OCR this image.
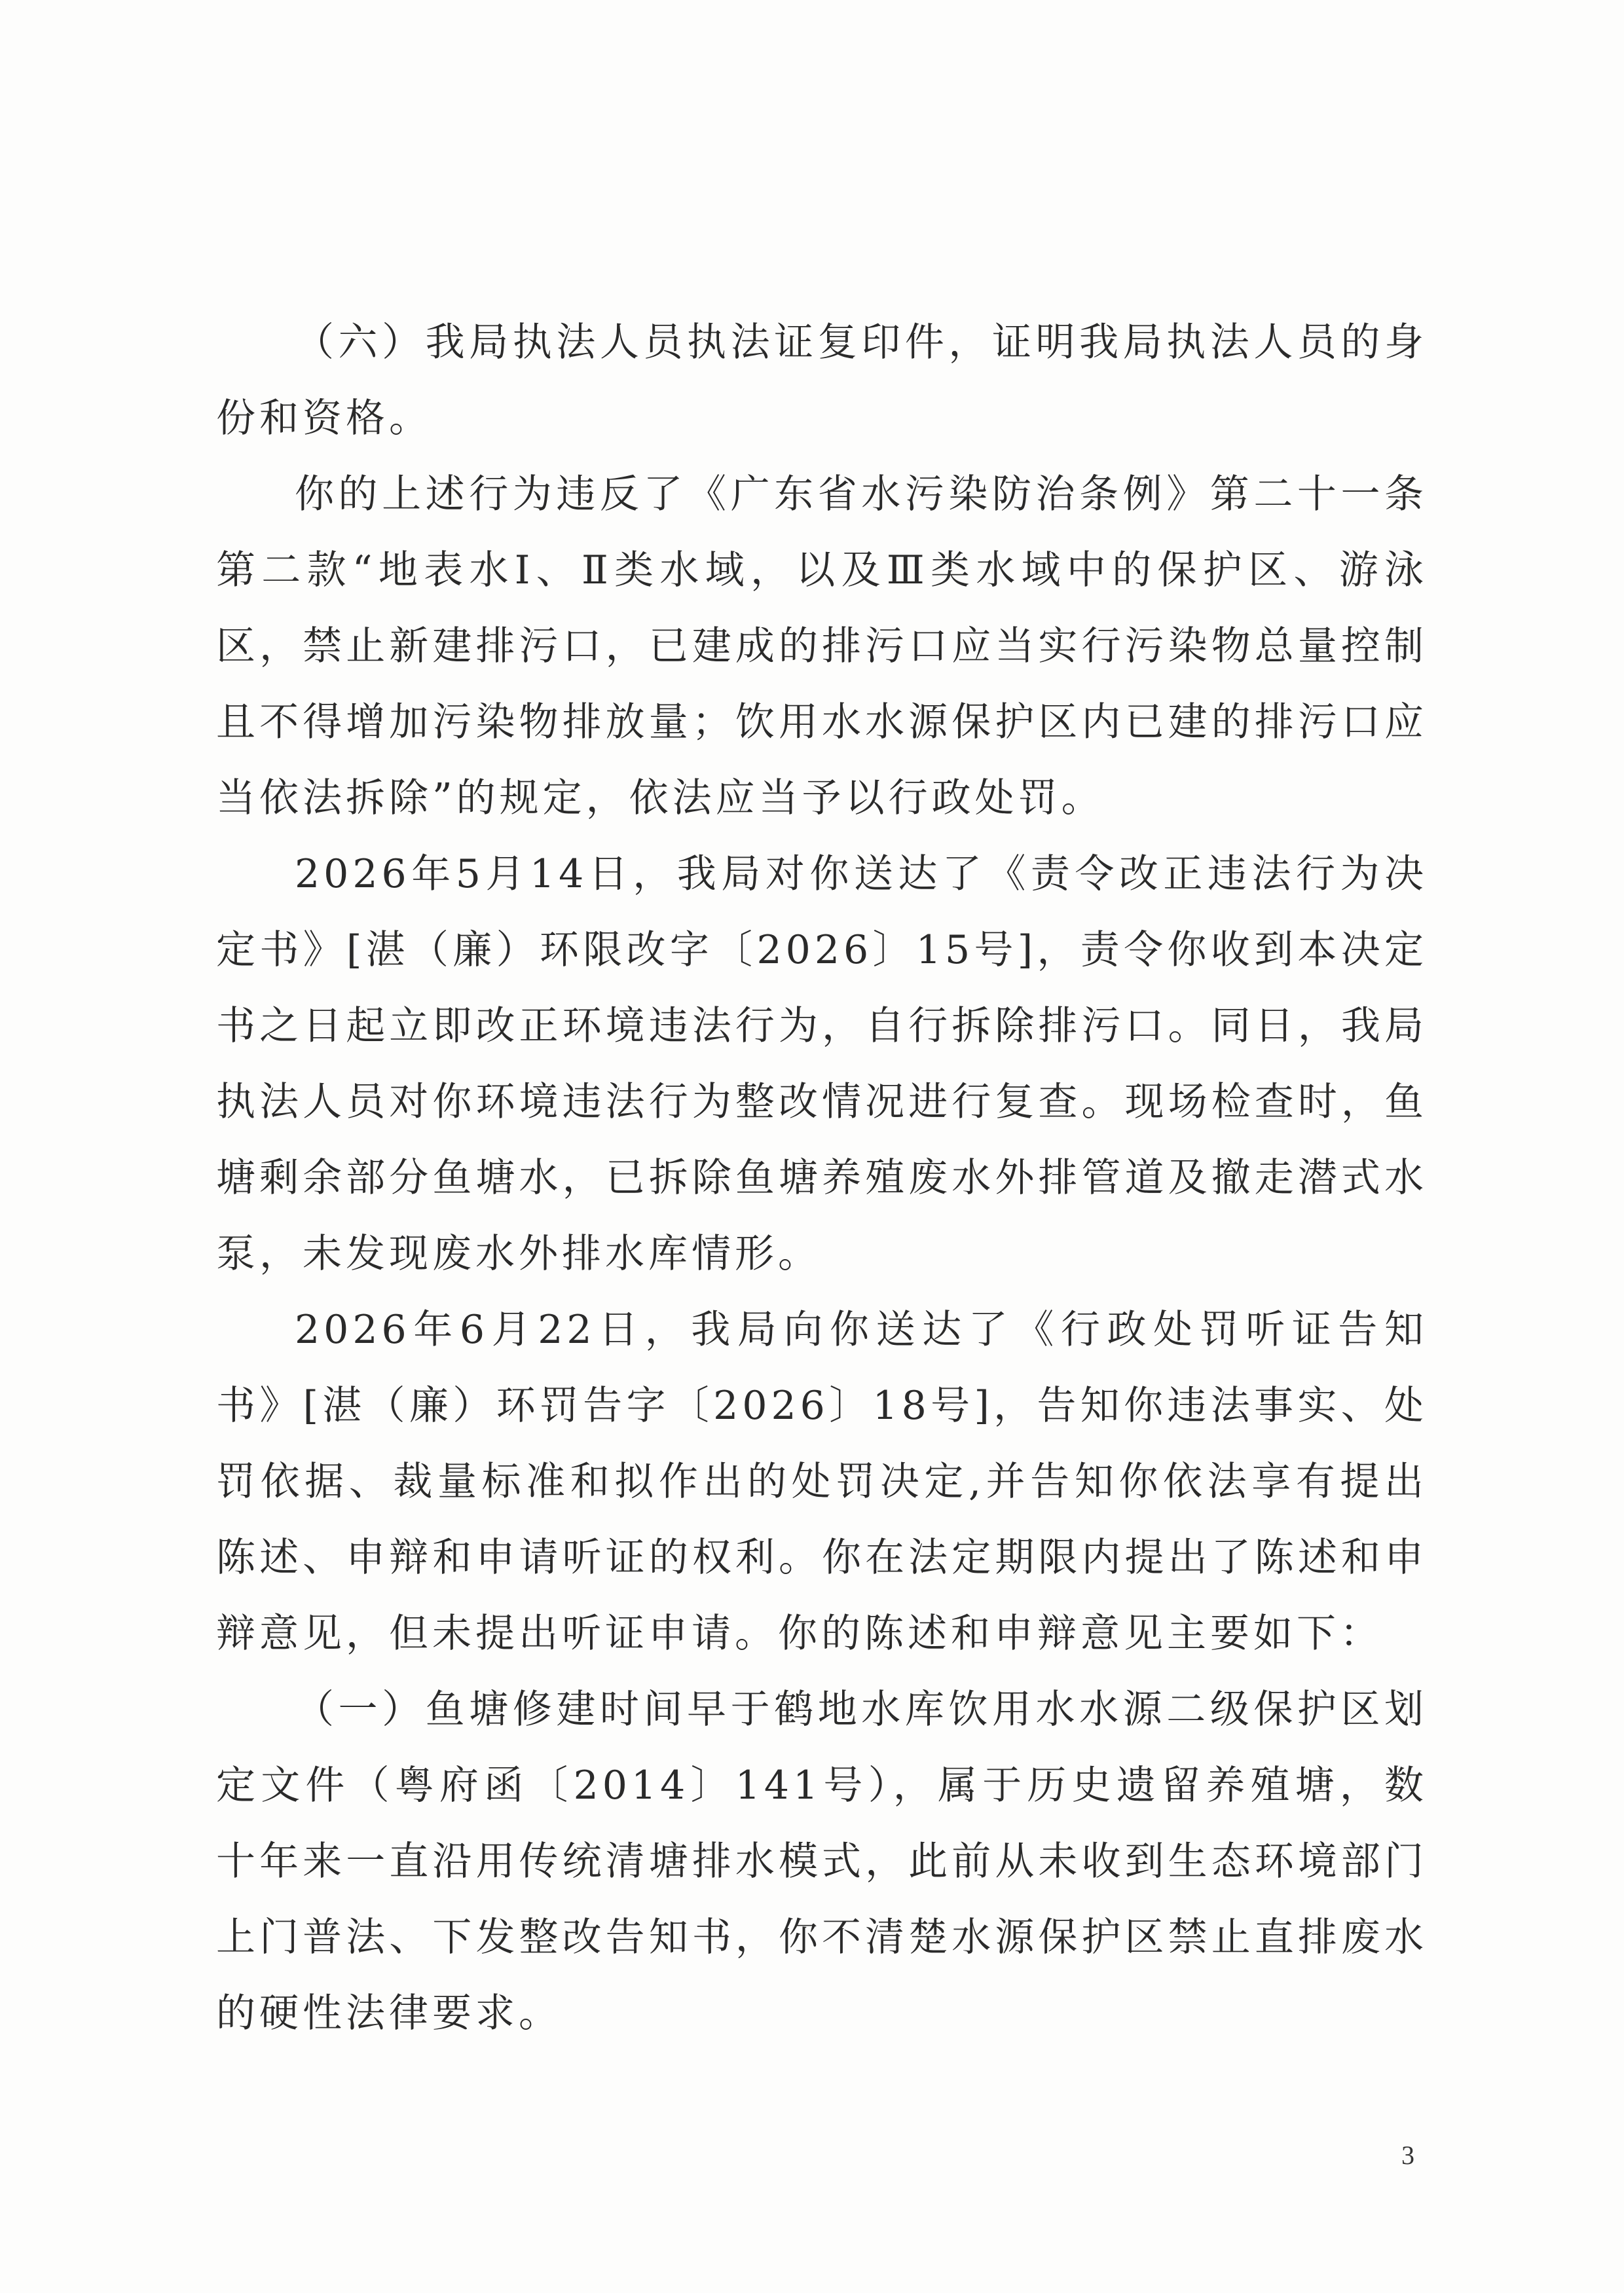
（六）我局执法人员执法证复印件，证明我局执法人员的身份和资格。

你的上述行为违反了《广东省水污染防治条例》第二十一条第二款“地表水Ⅰ、Ⅱ类水域，以及Ⅲ类水域中的保护区、游泳区，禁止新建排污口，已建成的排污口应当实行污染物总量控制且不得增加污染物排放量；饮用水水源保护区内已建的排污口应当依法拆除”的规定，依法应当予以行政处罚。

2026年5月14日，我局对你送达了《责令改正违法行为决定书》[湛（廉）环限改字〔2026〕15号]，责令你收到本决定书之日起立即改正环境违法行为，自行拆除排污口。同日，我局执法人员对你环境违法行为整改情况进行复查。现场检查时，鱼塘剩余部分鱼塘水，已拆除鱼塘养殖废水外排管道及撤走潜式水泵，未发现废水外排水库情形。

2026年6月22日，我局向你送达了《行政处罚听证告知书》[湛（廉）环罚告字〔2026〕18号]，告知你违法事实、处罚依据、裁量标准和拟作出的处罚决定,并告知你依法享有提出陈述、申辩和申请听证的权利。你在法定期限内提出了陈述和申辩意见，但未提出听证申请。你的陈述和申辩意见主要如下：

（一）鱼塘修建时间早于鹤地水库饮用水水源二级保护区划定文件（粤府函〔2014〕141号），属于历史遗留养殖塘，数十年来一直沿用传统清塘排水模式，此前从未收到生态环境部门上门普法、下发整改告知书，你不清楚水源保护区禁止直排废水的硬性法律要求。

3
